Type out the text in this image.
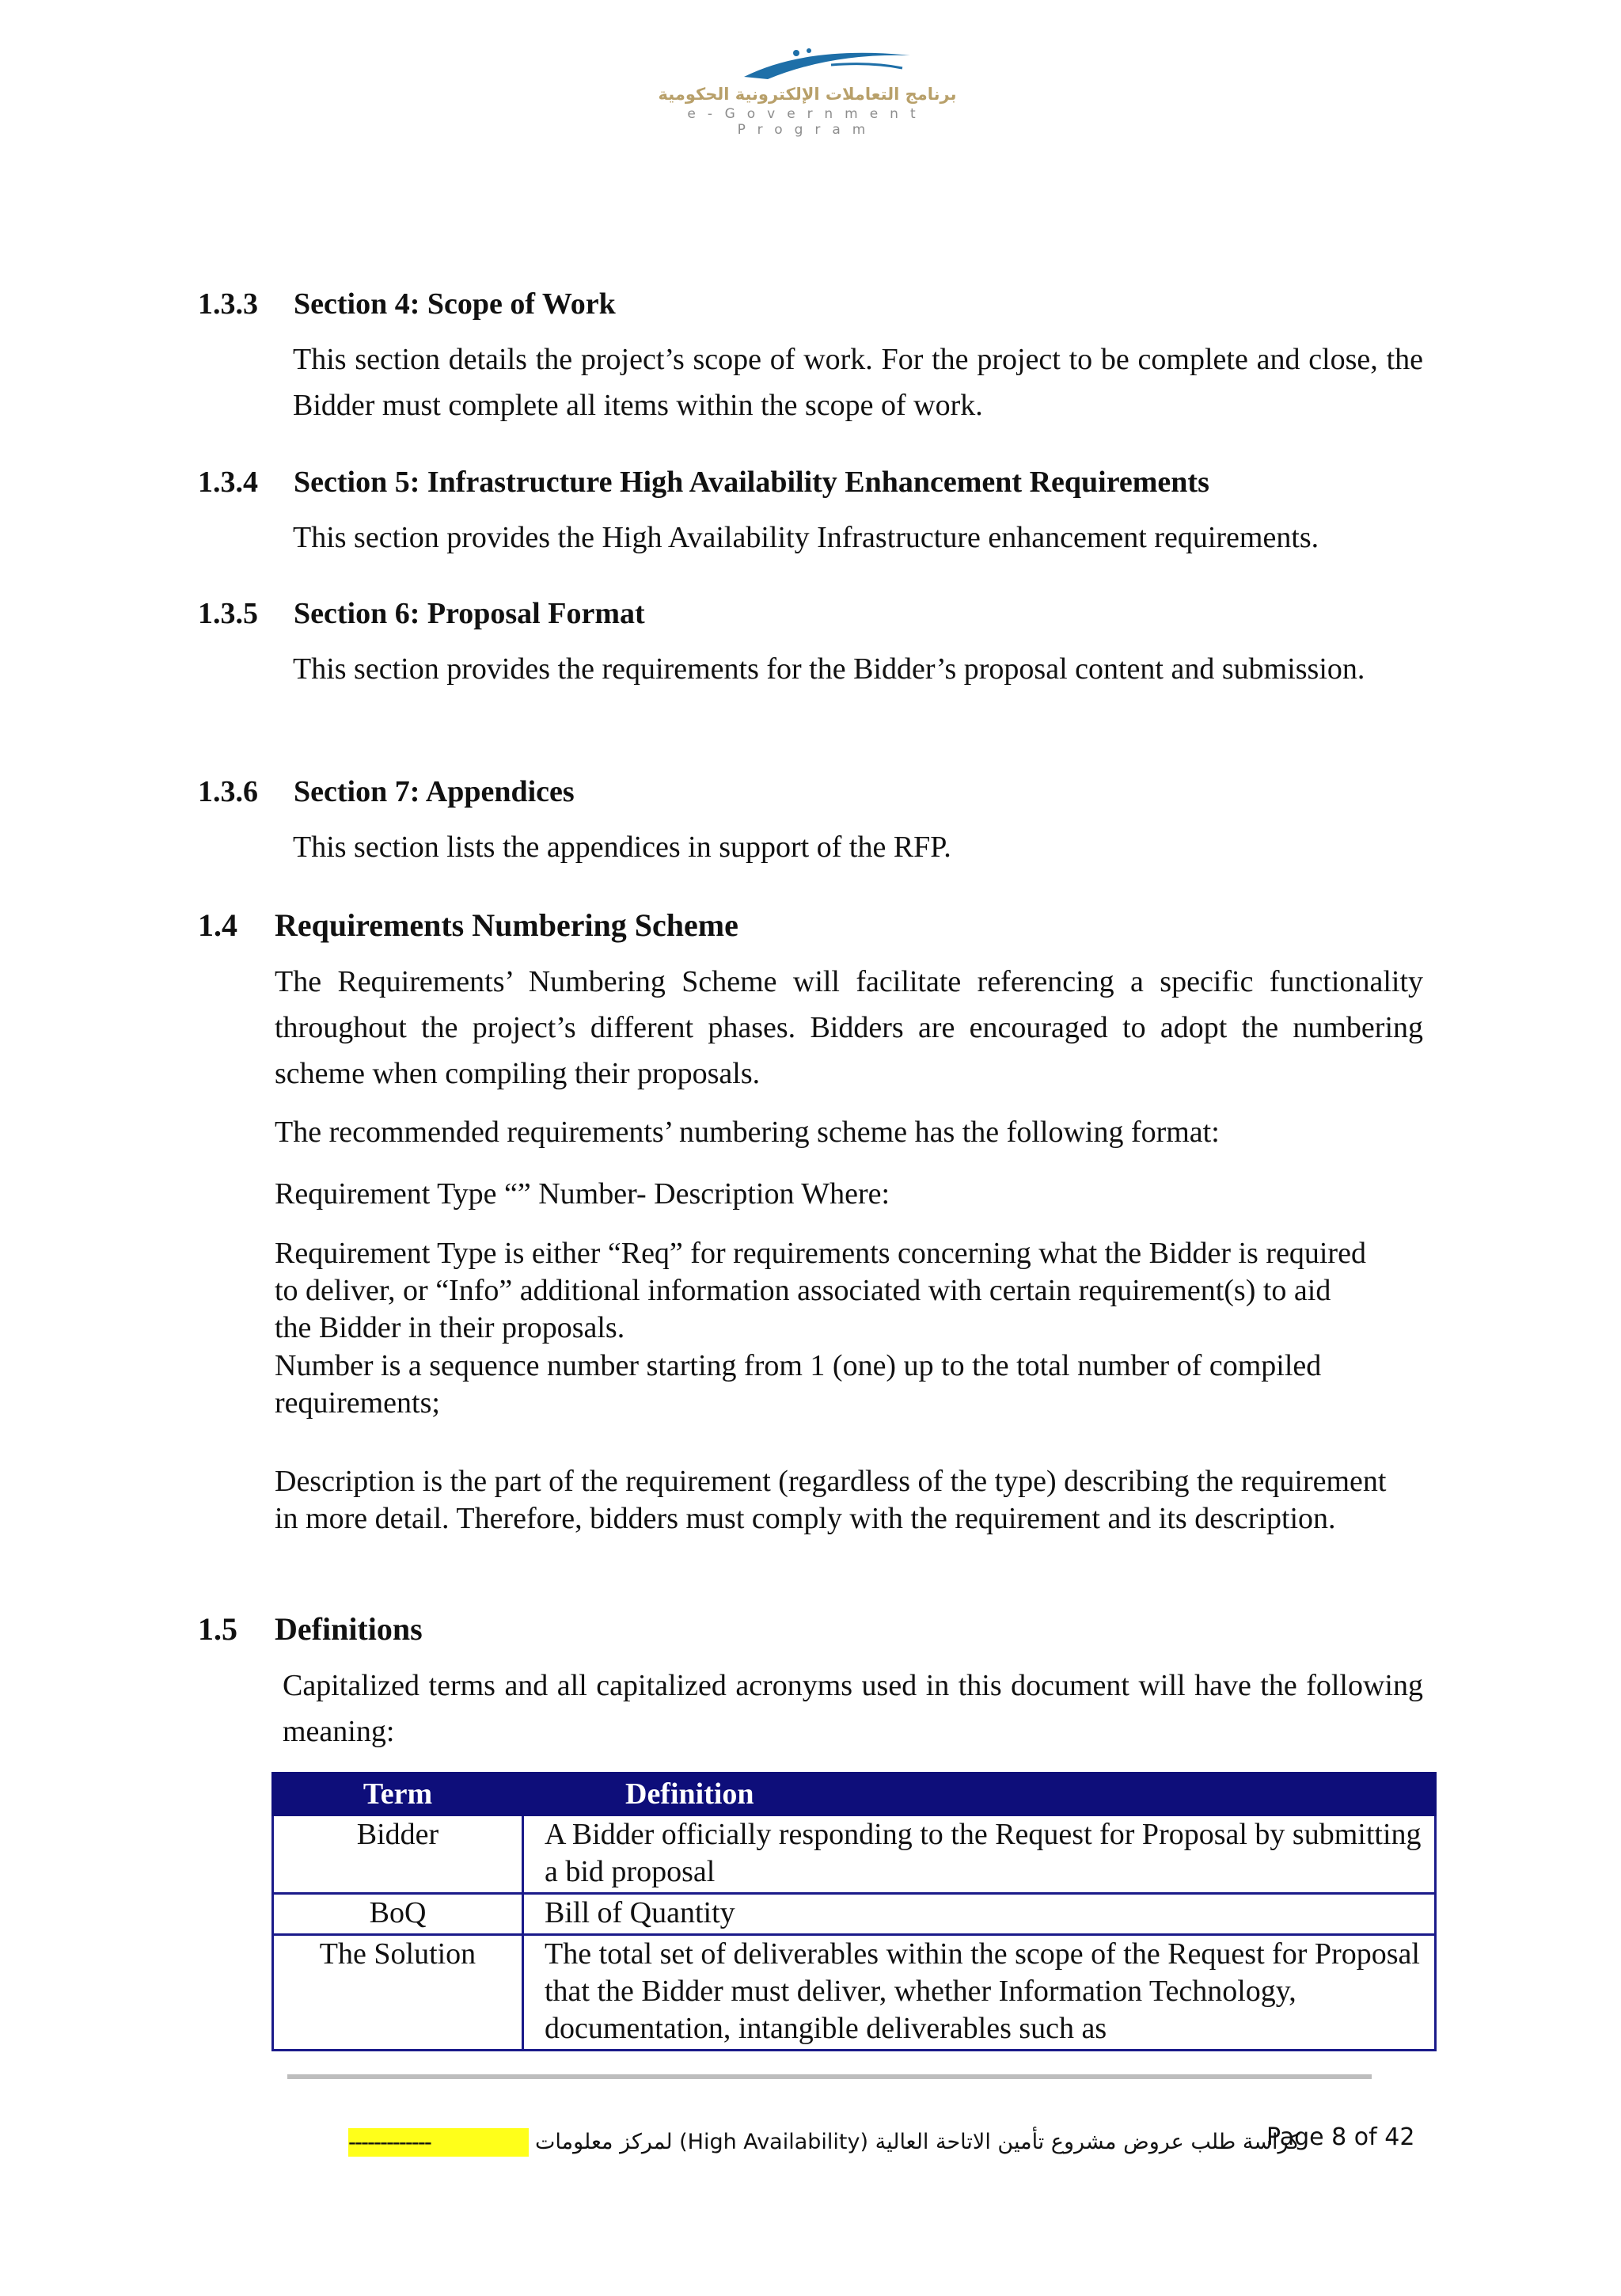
برنامج التعاملات الإلكترونية الحكومية
e-Government Program
1.3.3 Section 4: Scope of Work
This section details the project’s scope of work. For the project to be complete and close, the Bidder must complete all items within the scope of work.
1.3.4 Section 5: Infrastructure High Availability Enhancement Requirements
This section provides the High Availability Infrastructure enhancement requirements.
1.3.5 Section 6: Proposal Format
This section provides the requirements for the Bidder’s proposal content and submission.
1.3.6 Section 7: Appendices
This section lists the appendices in support of the RFP.
1.4 Requirements Numbering Scheme
The Requirements’ Numbering Scheme will facilitate referencing a specific functionality throughout the project’s different phases. Bidders are encouraged to adopt the numbering scheme when compiling their proposals.
The recommended requirements’ numbering scheme has the following format:
Requirement Type “” Number- Description Where:
Requirement Type is either “Req” for requirements concerning what the Bidder is required to deliver, or “Info” additional information associated with certain requirement(s) to aid the Bidder in their proposals.
Number is a sequence number starting from 1 (one) up to the total number of compiled requirements;
Description is the part of the requirement (regardless of the type) describing the requirement in more detail. Therefore, bidders must comply with the requirement and its description.
1.5 Definitions
Capitalized terms and all capitalized acronyms used in this document will have the following meaning:
Term	Definition
Bidder	A Bidder officially responding to the Request for Proposal by submitting a bid proposal
BoQ	Bill of Quantity
The Solution	The total set of deliverables within the scope of the Request for Proposal that the Bidder must deliver, whether Information Technology, documentation, intangible deliverables such as
-------------	كراسة طلب عروض مشروع تأمين الاتاحة العالية (High Availability) لمركز معلومات
Page 8 of 42
